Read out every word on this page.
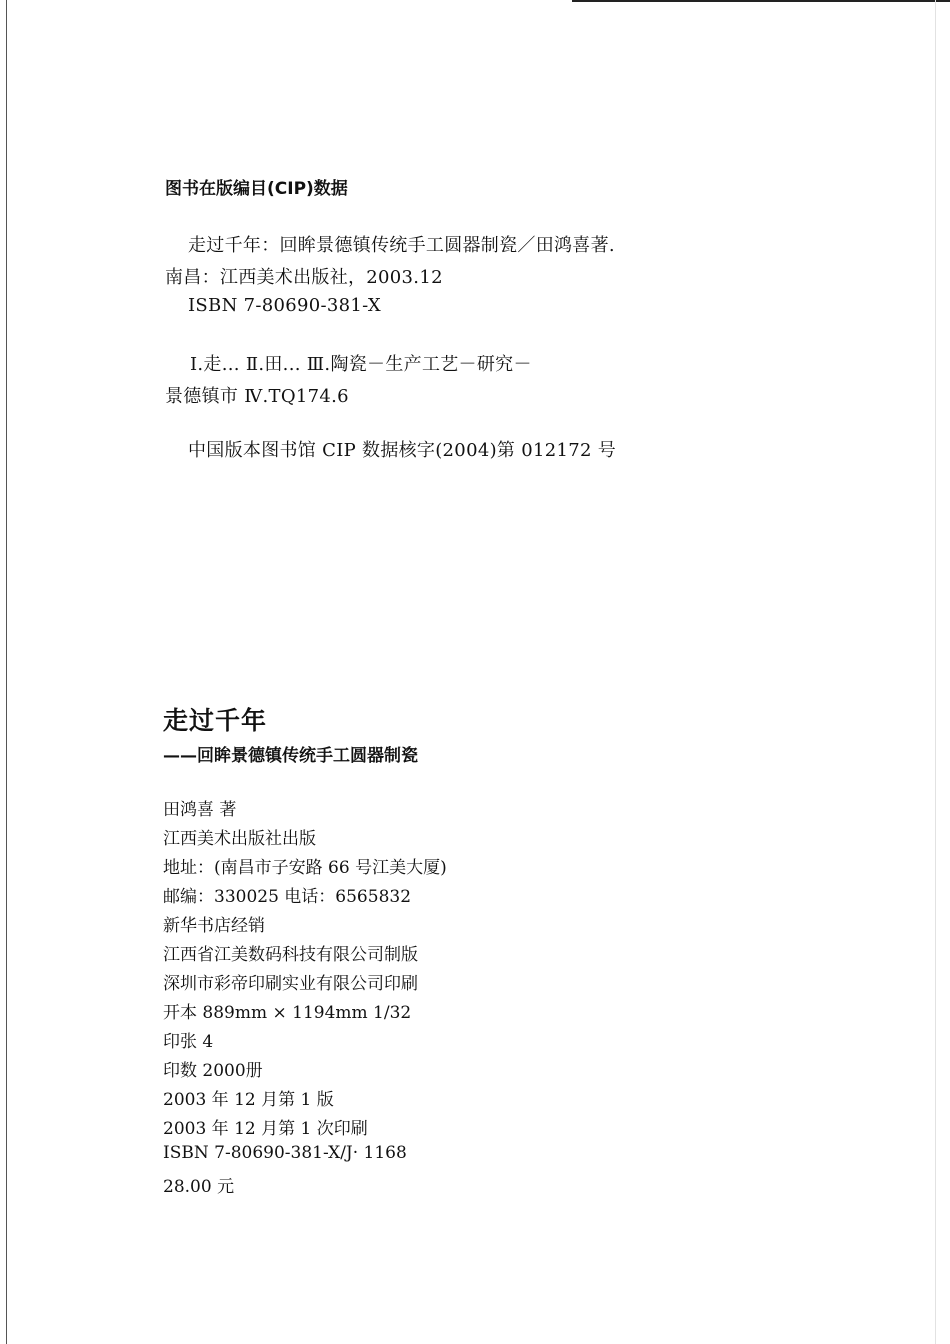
图书在版编目(CIP)数据
走过千年：回眸景德镇传统手工圆器制瓷／田鸿喜著.
南昌：江西美术出版社，2003.12
ISBN 7-80690-381-X
Ⅰ.走... Ⅱ.田... Ⅲ.陶瓷－生产工艺－研究－
景德镇市 Ⅳ.TQ174.6
中国版本图书馆 CIP 数据核字(2004)第 012172 号
走过千年
——回眸景德镇传统手工圆器制瓷
田鸿喜 著
江西美术出版社出版
地址：(南昌市子安路 66 号江美大厦)
邮编：330025 电话：6565832
新华书店经销
江西省江美数码科技有限公司制版
深圳市彩帝印刷实业有限公司印刷
开本 889mm × 1194mm 1/32
印张 4
印数 2000册
2003 年 12 月第 1 版
2003 年 12 月第 1 次印刷
ISBN 7-80690-381-X/J· 1168
28.00 元
